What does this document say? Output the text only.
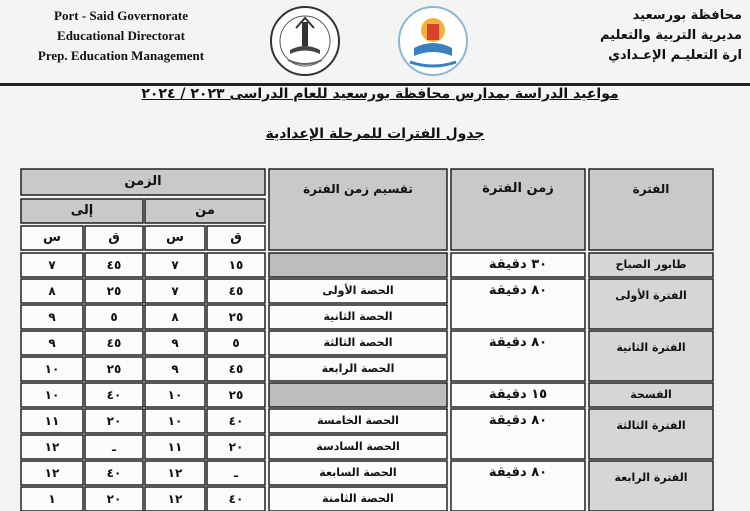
Port - Said Governorate
Educational Directorat
Prep. Education Management
محافظة بورسعيد
مديرية التربية والتعليم
ارة التعليـم الإعـدادي
مواعيد الدراسة بمدارس محافظة بورسعيد للعام الدراسى ٢٠٢٣ / ٢٠٢٤
جدول الفترات للمرحلة الإعدادية
الفترة
زمن الفترة
تقسيم زمن الفترة
الزمن
من
إلى
ق
س
ق
س
١٥
٧
٤٥
٧
الحصة الأولى
٤٥
٧
٢٥
٨
الحصة الثانية
٢٥
٨
٥
٩
الحصة الثالثة
٥
٩
٤٥
٩
الحصة الرابعة
٤٥
٩
٢٥
١٠
٢٥
١٠
٤٠
١٠
الحصة الخامسة
٤٠
١٠
٢٠
١١
الحصة السادسة
٢٠
١١
ـ
١٢
الحصة السابعة
ـ
١٢
٤٠
١٢
الحصة الثامنة
٤٠
١٢
٢٠
١
طابور الصباح
٣٠ دقيقة
الفترة الأولى
٨٠ دقيقة
الفترة الثانية
٨٠ دقيقة
الفسحة
١٥ دقيقة
الفترة الثالثة
٨٠ دقيقة
الفترة الرابعة
٨٠ دقيقة
